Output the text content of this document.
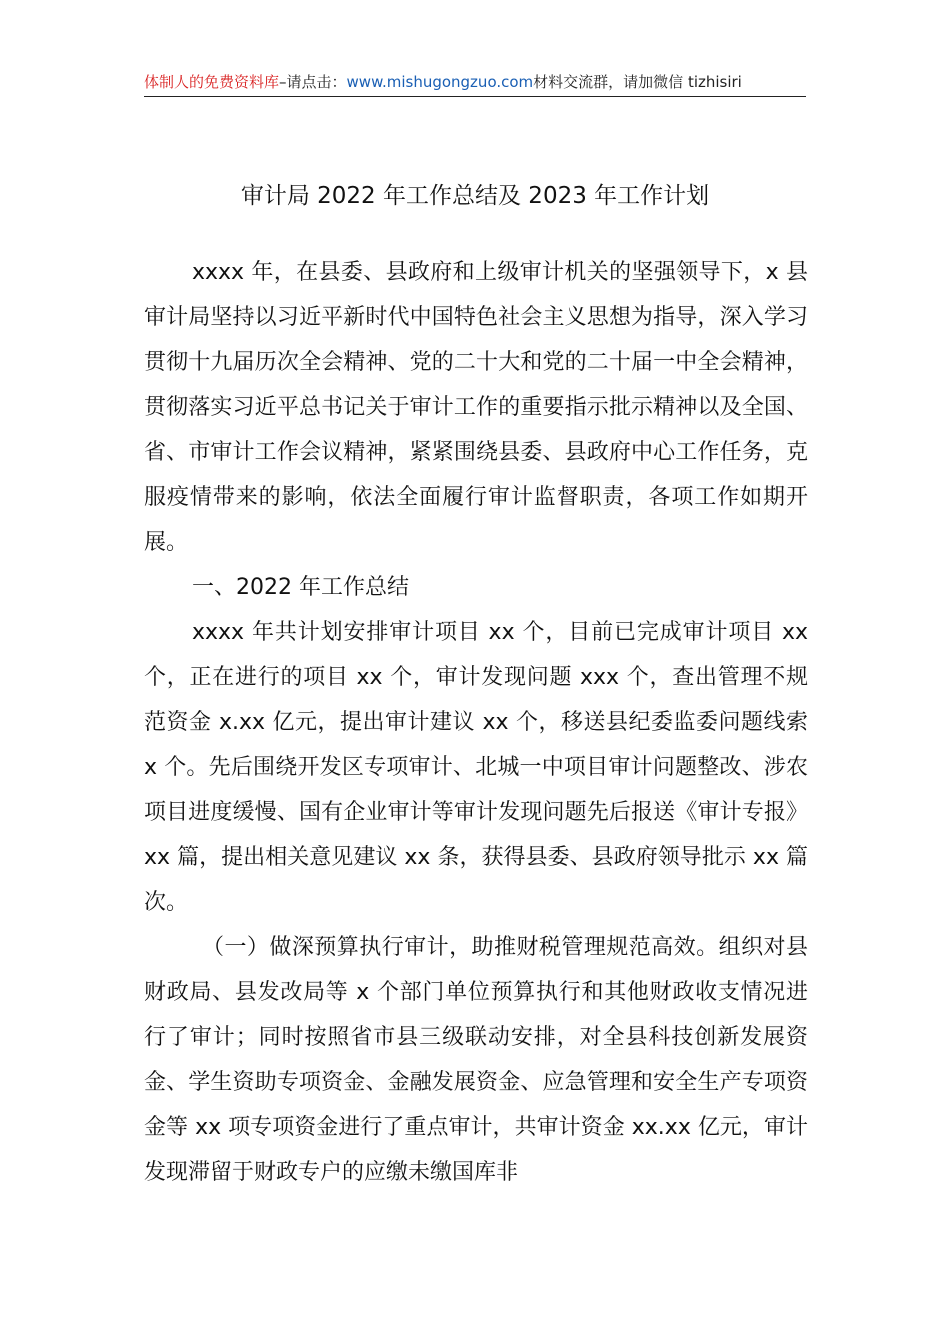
体制人的免费资料库–请点击：www.mishugongzuo.com材料交流群，请加微信 tizhisiri
审计局 2022 年工作总结及 2023 年工作计划

xxxx 年，在县委、县政府和上级审计机关的坚强领导下，x 县审计局坚持以习近平新时代中国特色社会主义思想为指导，深入学习贯彻十九届历次全会精神、党的二十大和党的二十届一中全会精神，贯彻落实习近平总书记关于审计工作的重要指示批示精神以及全国、省、市审计工作会议精神，紧紧围绕县委、县政府中心工作任务，克服疫情带来的影响，依法全面履行审计监督职责，各项工作如期开展。

一、2022 年工作总结

xxxx 年共计划安排审计项目 xx 个，目前已完成审计项目 xx 个，正在进行的项目 xx 个，审计发现问题 xxx 个，查出管理不规范资金 x.xx 亿元，提出审计建议 xx 个，移送县纪委监委问题线索 x 个。先后围绕开发区专项审计、北城一中项目审计问题整改、涉农项目进度缓慢、国有企业审计等审计发现问题先后报送《审计专报》xx 篇，提出相关意见建议 xx 条，获得县委、县政府领导批示 xx 篇次。

（一）做深预算执行审计，助推财税管理规范高效。组织对县财政局、县发改局等 x 个部门单位预算执行和其他财政收支情况进行了审计；同时按照省市县三级联动安排，对全县科技创新发展资金、学生资助专项资金、金融发展资金、应急管理和安全生产专项资金等 xx 项专项资金进行了重点审计，共审计资金 xx.xx 亿元，审计发现滞留于财政专户的应缴未缴国库非
